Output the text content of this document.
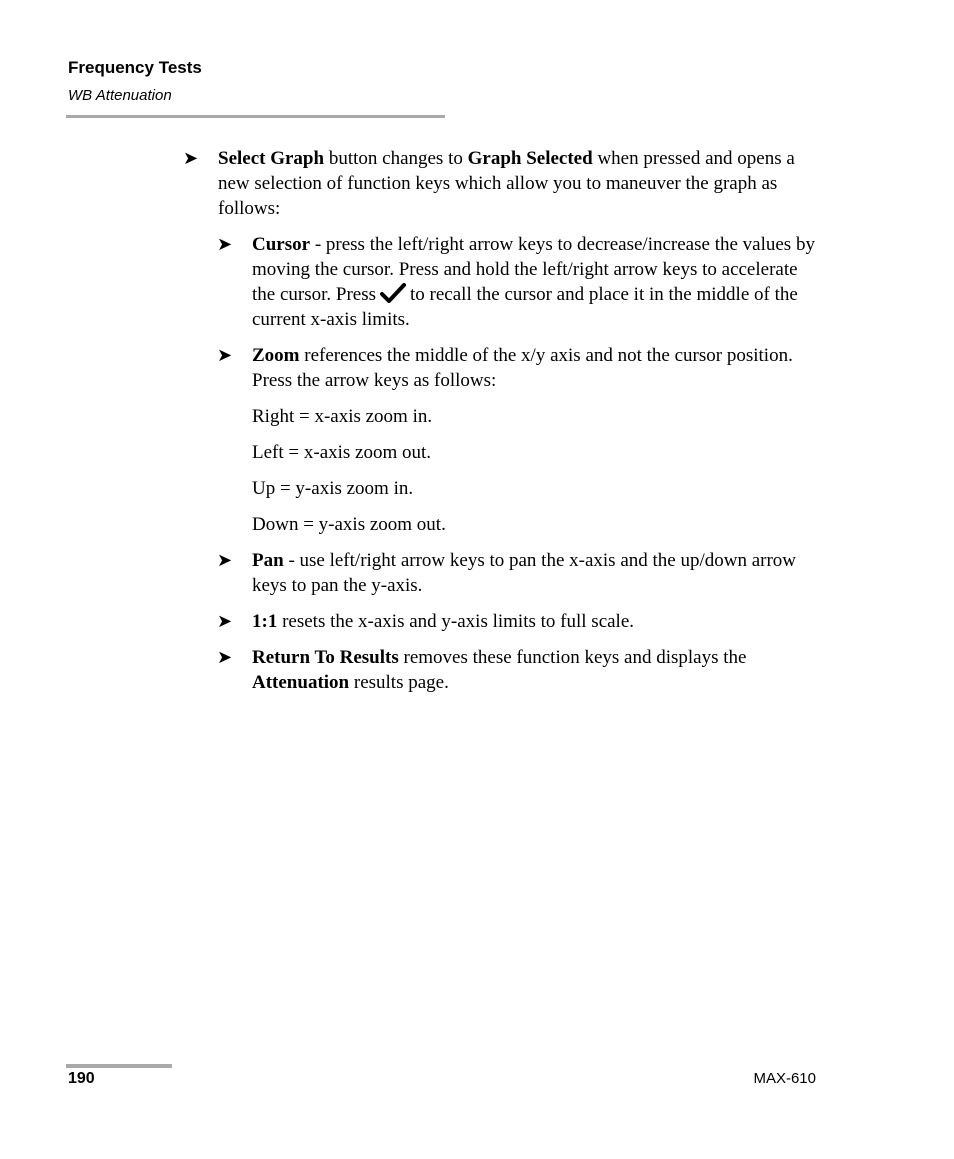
Frequency Tests
WB Attenuation
➤ Select Graph button changes to Graph Selected when pressed and opens a new selection of function keys which allow you to maneuver the graph as follows:
➤ Cursor - press the left/right arrow keys to decrease/increase the values by moving the cursor. Press and hold the left/right arrow keys to accelerate the cursor. Press to recall the cursor and place it in the middle of the current x-axis limits.
➤ Zoom references the middle of the x/y axis and not the cursor position. Press the arrow keys as follows:
Right = x-axis zoom in.
Left = x-axis zoom out.
Up = y-axis zoom in.
Down = y-axis zoom out.
➤ Pan - use left/right arrow keys to pan the x-axis and the up/down arrow keys to pan the y-axis.
➤ 1:1 resets the x-axis and y-axis limits to full scale.
➤ Return To Results removes these function keys and displays the Attenuation results page.
190	MAX-610
